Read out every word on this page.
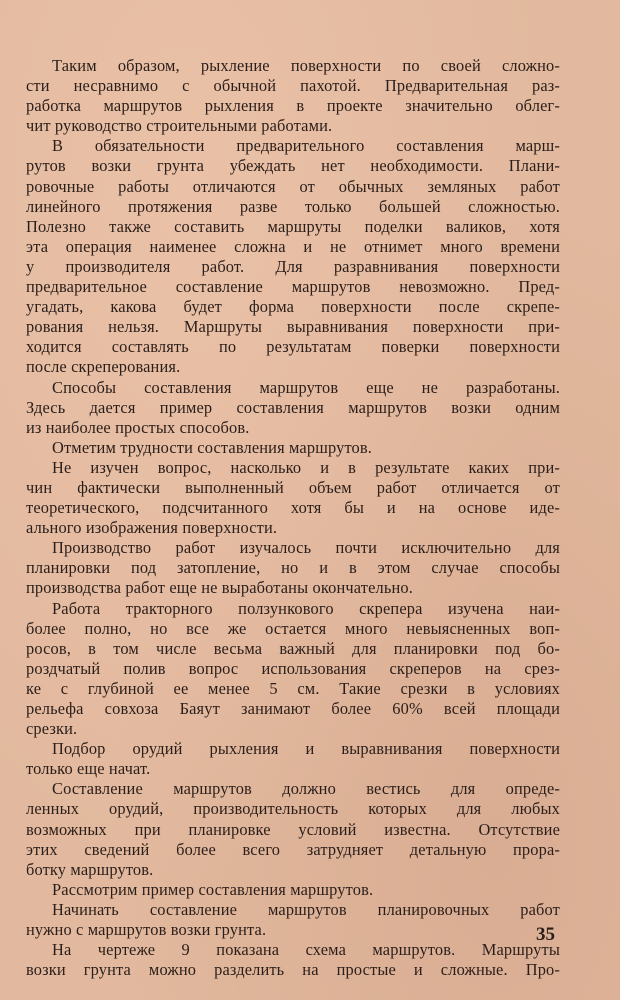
Таким образом, рыхление поверхности по своей сложно-
сти несравнимо с обычной пахотой. Предварительная раз-
работка маршрутов рыхления в проекте значительно облег-
чит руководство строительными работами.
В обязательности предварительного составления марш-
рутов возки грунта убеждать нет необходимости. Плани-
ровочные работы отличаются от обычных земляных работ
линейного протяжения разве только большей сложностью.
Полезно также составить маршруты поделки валиков, хотя
эта операция наименее сложна и не отнимет много времени
у производителя работ. Для разравнивания поверхности
предварительное составление маршрутов невозможно. Пред-
угадать, какова будет форма поверхности после скрепе-
рования нельзя. Маршруты выравнивания поверхности при-
ходится составлять по результатам поверки поверхности
после скреперования.
Способы составления маршрутов еще не разработаны.
Здесь дается пример составления маршрутов возки одним
из наиболее простых способов.
Отметим трудности составления маршрутов.
Не изучен вопрос, насколько и в результате каких при-
чин фактически выполненный объем работ отличается от
теоретического, подсчитанного хотя бы и на основе иде-
ального изображения поверхности.
Производство работ изучалось почти исключительно для
планировки под затопление, но и в этом случае способы
производства работ еще не выработаны окончательно.
Работа тракторного ползункового скрепера изучена наи-
более полно, но все же остается много невыясненных воп-
росов, в том числе весьма важный для планировки под бо-
роздчатый полив вопрос использования скреперов на срез-
ке с глубиной ее менее 5 см. Такие срезки в условиях
рельефа совхоза Баяут занимают более 60% всей площади
срезки.
Подбор орудий рыхления и выравнивания поверхности
только еще начат.
Составление маршрутов должно вестись для опреде-
ленных орудий, производительность которых для любых
возможных при планировке условий известна. Отсутствие
этих сведений более всего затрудняет детальную прора-
ботку маршрутов.
Рассмотрим пример составления маршрутов.
Начинать составление маршрутов планировочных работ
нужно с маршрутов возки грунта.
На чертеже 9 показана схема маршрутов. Маршруты
возки грунта можно разделить на простые и сложные. Про-
35
